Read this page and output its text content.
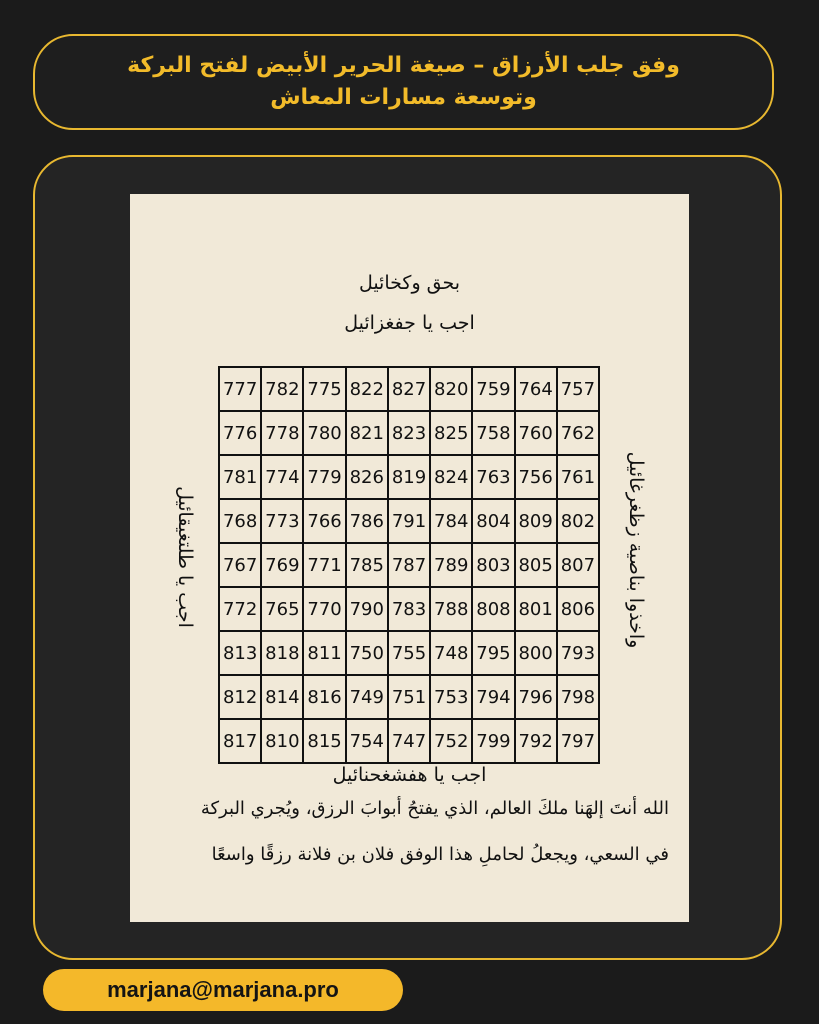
وفق جلب الأرزاق – صيغة الحرير الأبيض لفتح البركة
وتوسعة مسارات المعاش
بحق وكخائيل
اجب يا جفغزائيل
757	764	759	820	827	822	775	782	777
762	760	758	825	823	821	780	778	776
761	756	763	824	819	826	779	774	781
802	809	804	784	791	786	766	773	768
807	805	803	789	787	785	771	769	767
806	801	808	788	783	790	770	765	772
793	800	795	748	755	750	811	818	813
798	796	794	753	751	749	816	814	812
797	792	799	752	747	754	815	810	817
اجب يا طلتغيقائيل	واخذوا بناصية زظغرغائيل
اجب يا هفشغحنائيل
الله أنتَ إلهَنا ملكَ العالم، الذي يفتحُ أبوابَ الرزق، ويُجري البركة
في السعي، ويجعلُ لحاملِ هذا الوفق فلان بن فلانة رزقًا واسعًا
marjana@marjana.pro
